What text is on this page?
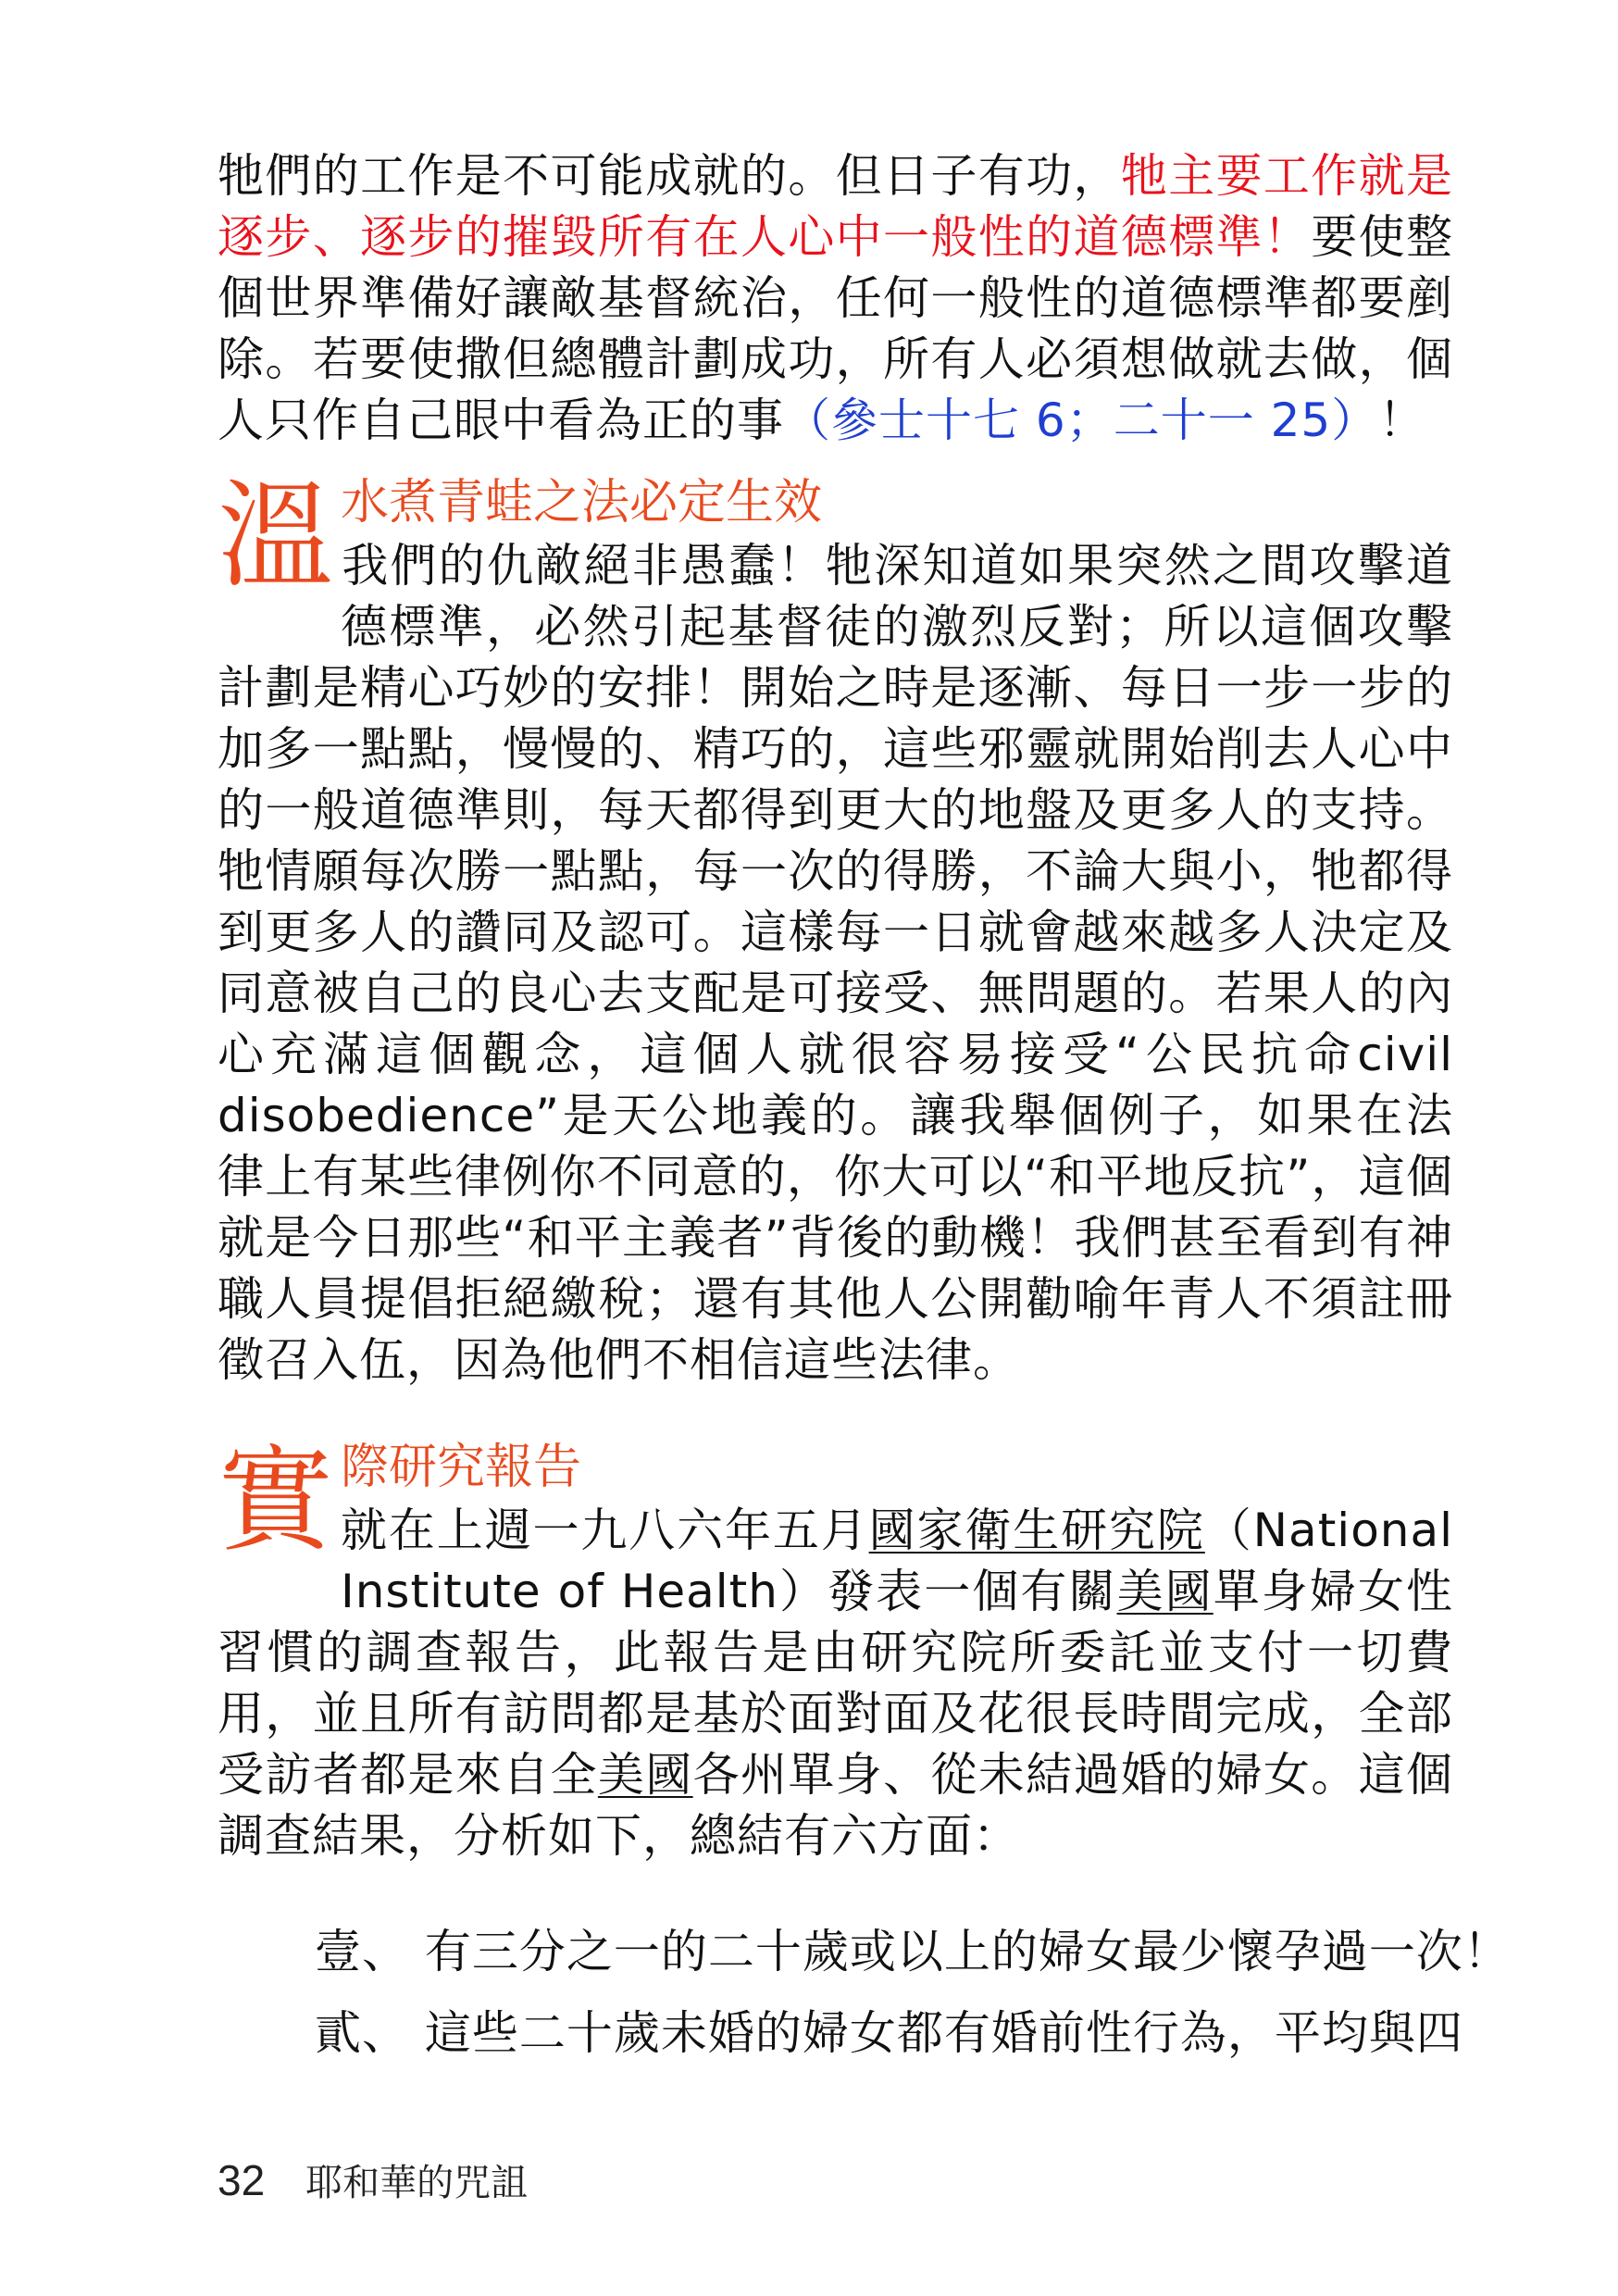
牠們的工作是不可能成就的。但日子有功，牠主要工作就是逐步、逐步的摧毀所有在人心中一般性的道德標準！要使整個世界準備好讓敵基督統治，任何一般性的道德標準都要剷除。若要使撒但總體計劃成功，所有人必須想做就去做，個人只作自己眼中看為正的事（參士十七 6；二十一 25）！
溫 水煮青蛙之法必定生效
我們的仇敵絕非愚蠢！牠深知道如果突然之間攻擊道德標準，必然引起基督徒的激烈反對；所以這個攻擊計劃是精心巧妙的安排！開始之時是逐漸、每日一步一步的加多一點點，慢慢的、精巧的，這些邪靈就開始削去人心中的一般道德準則，每天都得到更大的地盤及更多人的支持。牠情願每次勝一點點，每一次的得勝，不論大與小，牠都得到更多人的讚同及認可。這樣每一日就會越來越多人決定及同意被自己的良心去支配是可接受、無問題的。若果人的內心充滿這個觀念，這個人就很容易接受“公民抗命civil disobedience”是天公地義的。讓我舉個例子，如果在法律上有某些律例你不同意的，你大可以“和平地反抗”，這個就是今日那些“和平主義者”背後的動機！我們甚至看到有神職人員提倡拒絕繳稅；還有其他人公開勸喻年青人不須註冊徵召入伍，因為他們不相信這些法律。
實 際研究報告
就在上週一九八六年五月國家衛生研究院（National Institute of Health）發表一個有關美國單身婦女性習慣的調查報告，此報告是由研究院所委託並支付一切費用，並且所有訪問都是基於面對面及花很長時間完成，全部受訪者都是來自全美國各州單身、從未結過婚的婦女。這個調查結果，分析如下，總結有六方面：
壹、 有三分之一的二十歲或以上的婦女最少懷孕過一次！
貳、 這些二十歲未婚的婦女都有婚前性行為，平均與四
32 耶和華的咒詛
